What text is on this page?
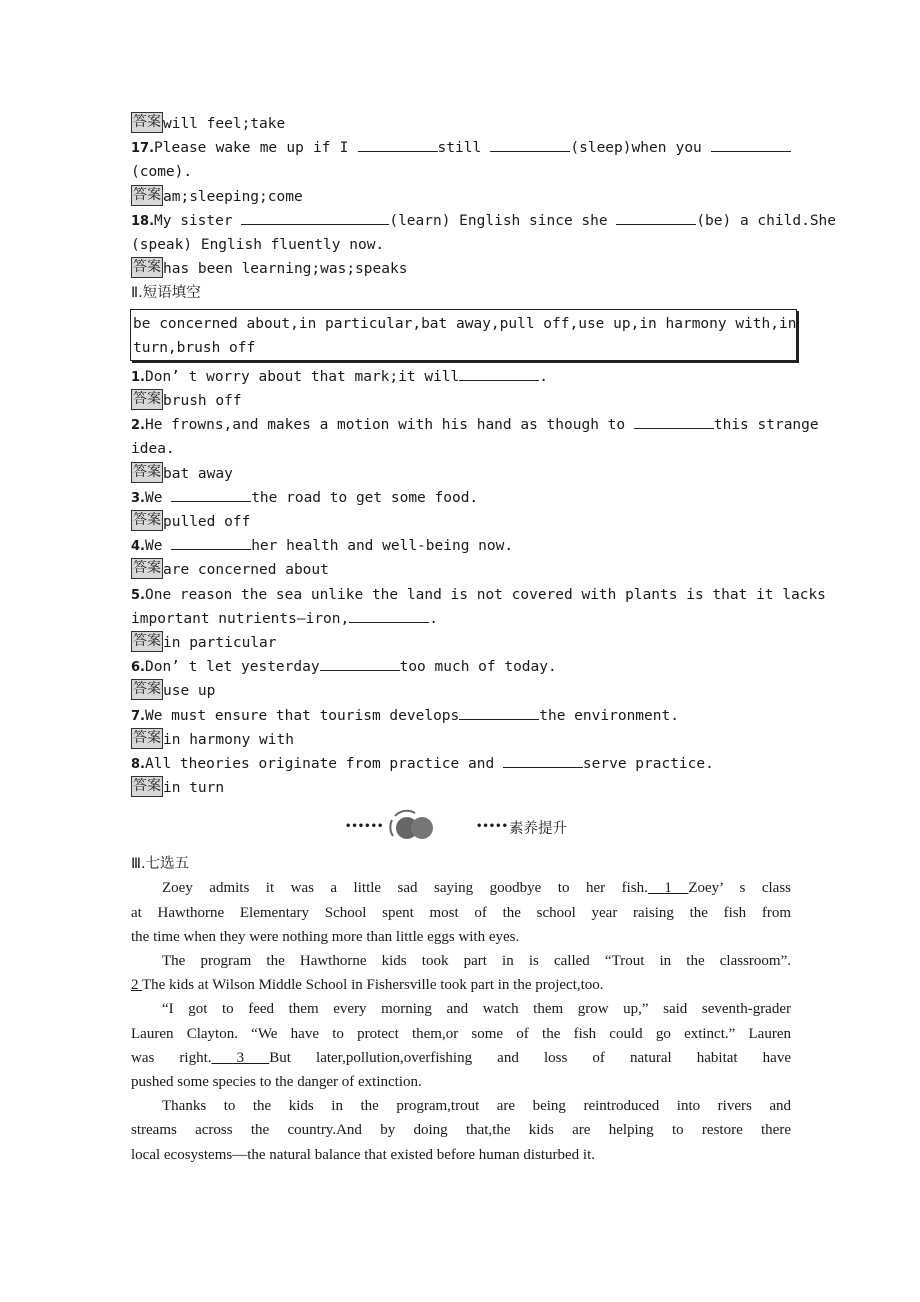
答案 will feel;take
17.Please wake me up if I	still	(sleep)when you
(come).
答案 am;sleeping;come
18.My sister	(learn) English since she	(be) a child.She
(speak) English fluently now.
答案 has been learning;was;speaks
Ⅱ.短语填空
be concerned about,in particular,bat away,pull off,use up,in harmony with,in
turn,brush off
1.Don’ t worry about that mark;it will	.
答案 brush off
2.He frowns,and makes a motion with his hand as though to	this strange
idea.
答案 bat away
3.We	the road to get some food.
答案 pulled off
4.We	her health and well-being now.
答案 are concerned about
5.One reason the sea unlike the land is not covered with plants is that it lacks
important nutrients—iron,	.
答案 in particular
6.Don’ t let yesterday	too much of today.
答案 use up
7.We must ensure that tourism develops	the environment.
答案 in harmony with
8.All theories originate from practice and	serve practice.
答案 in turn
••••••	••••• 素养提升
Ⅲ.七选五
Zoey admits it was a little sad saying goodbye to her fish. 1 Zoey’ s class
at Hawthorne Elementary School spent most of the school year raising the fish from
the time when they were nothing more than little eggs with eyes.
The program the Hawthorne kids took part in is called “Trout in the classroom”.
2 The kids at Wilson Middle School in Fishersville took part in the project,too.
“I got to feed them every morning and watch them grow up,” said seventh-grader
Lauren Clayton. “We have to protect them,or some of the fish could go extinct.” Lauren
was right. 3 But later,pollution,overfishing and loss of natural habitat have
pushed some species to the danger of extinction.
Thanks to the kids in the program,trout are being reintroduced into rivers and
streams across the country.And by doing that,the kids are helping to restore there
local ecosystems—the natural balance that existed before human disturbed it.
